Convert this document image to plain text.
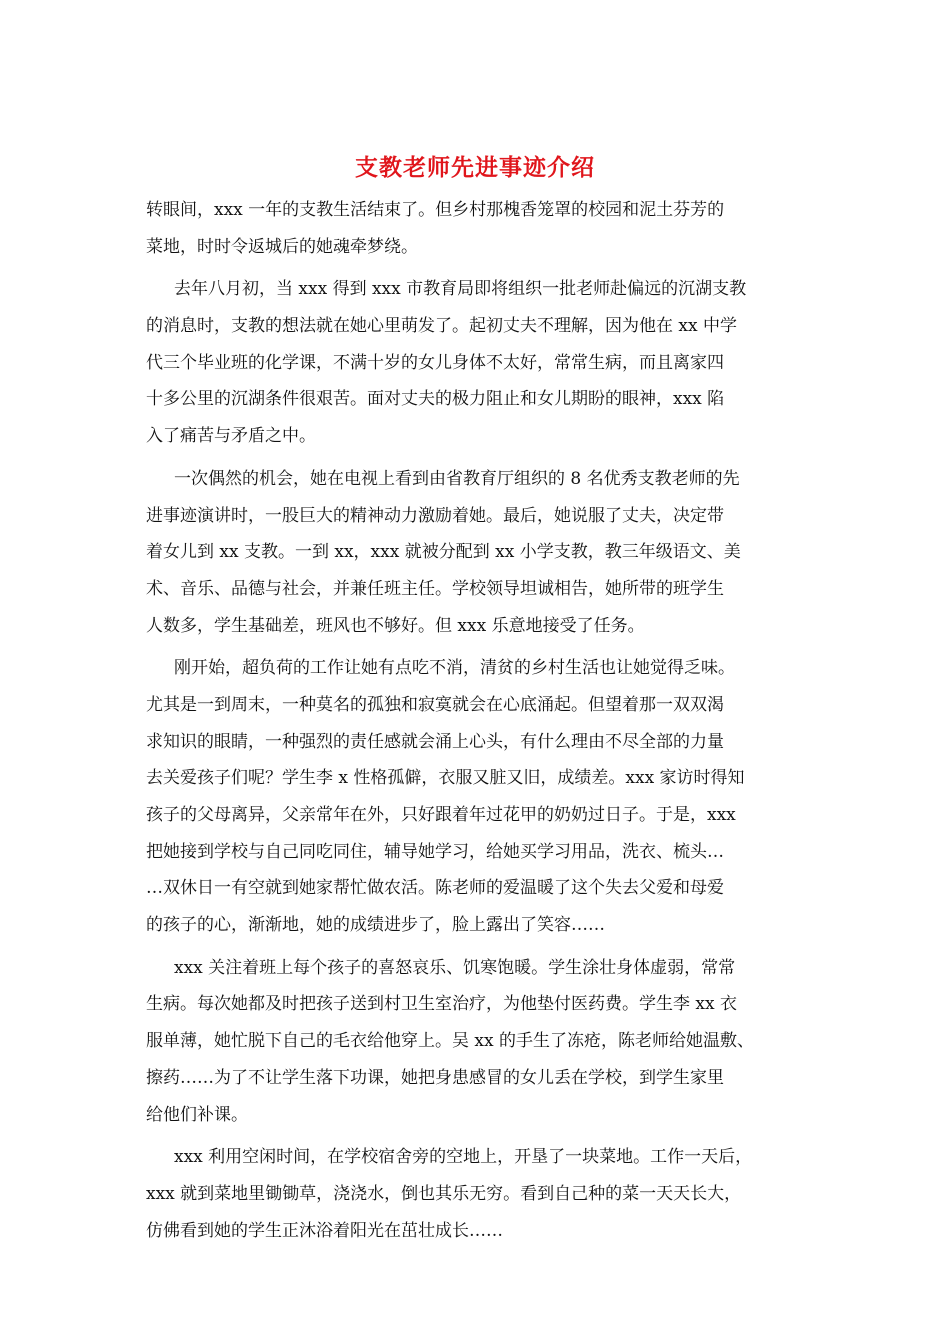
支教老师先进事迹介绍
转眼间，xxx 一年的支教生活结束了。但乡村那槐香笼罩的校园和泥土芬芳的
菜地，时时令返城后的她魂牵梦绕。
去年八月初，当 xxx 得到 xxx 市教育局即将组织一批老师赴偏远的沉湖支教
的消息时，支教的想法就在她心里萌发了。起初丈夫不理解，因为他在 xx 中学
代三个毕业班的化学课，不满十岁的女儿身体不太好，常常生病，而且离家四
十多公里的沉湖条件很艰苦。面对丈夫的极力阻止和女儿期盼的眼神，xxx 陷
入了痛苦与矛盾之中。
一次偶然的机会，她在电视上看到由省教育厅组织的 8 名优秀支教老师的先
进事迹演讲时，一股巨大的精神动力激励着她。最后，她说服了丈夫，决定带
着女儿到 xx 支教。一到 xx，xxx 就被分配到 xx 小学支教，教三年级语文、美
术、音乐、品德与社会，并兼任班主任。学校领导坦诚相告，她所带的班学生
人数多，学生基础差，班风也不够好。但 xxx 乐意地接受了任务。
刚开始，超负荷的工作让她有点吃不消，清贫的乡村生活也让她觉得乏味。
尤其是一到周末，一种莫名的孤独和寂寞就会在心底涌起。但望着那一双双渴
求知识的眼睛，一种强烈的责任感就会涌上心头，有什么理由不尽全部的力量
去关爱孩子们呢？学生李 x 性格孤僻，衣服又脏又旧，成绩差。xxx 家访时得知
孩子的父母离异，父亲常年在外，只好跟着年过花甲的奶奶过日子。于是，xxx
把她接到学校与自己同吃同住，辅导她学习，给她买学习用品，洗衣、梳头…
…双休日一有空就到她家帮忙做农活。陈老师的爱温暖了这个失去父爱和母爱
的孩子的心，渐渐地，她的成绩进步了，脸上露出了笑容……
xxx 关注着班上每个孩子的喜怒哀乐、饥寒饱暖。学生涂壮身体虚弱，常常
生病。每次她都及时把孩子送到村卫生室治疗，为他垫付医药费。学生李 xx 衣
服单薄，她忙脱下自己的毛衣给他穿上。吴 xx 的手生了冻疮，陈老师给她温敷、
擦药……为了不让学生落下功课，她把身患感冒的女儿丢在学校，到学生家里
给他们补课。
xxx 利用空闲时间，在学校宿舍旁的空地上，开垦了一块菜地。工作一天后，
xxx 就到菜地里锄锄草，浇浇水，倒也其乐无穷。看到自己种的菜一天天长大，
仿佛看到她的学生正沐浴着阳光在茁壮成长……
